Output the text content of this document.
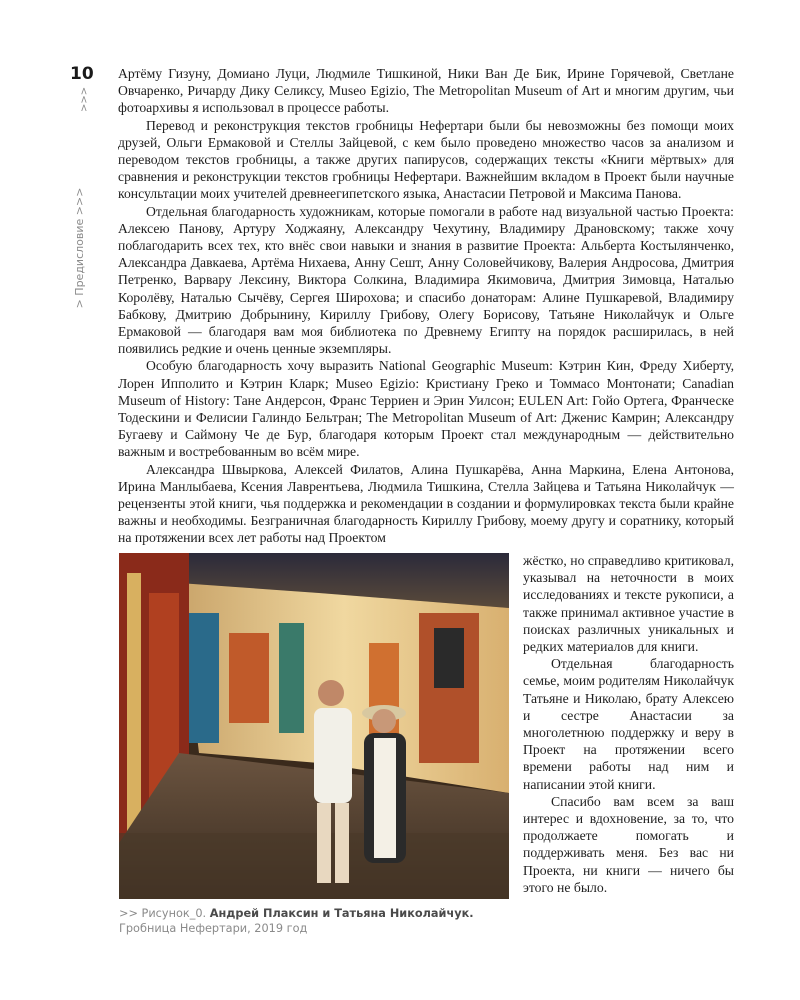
10
>>>
> Предисловие >>>

Артёму Гизуну, Домиано Луци, Людмиле Тишкиной, Ники Ван Де Бик, Ирине Горячевой, Светлане Овчаренко, Ричарду Дику Селиксу, Museo Egizio, The Metropolitan Museum of Art и многим другим, чьи фотоархивы я использовал в процессе работы.

Перевод и реконструкция текстов гробницы Нефертари были бы невозможны без помощи моих друзей, Ольги Ермаковой и Стеллы Зайцевой, с кем было проведено множество часов за анализом и переводом текстов гробницы, а также других папирусов, содержащих тексты «Книги мёртвых» для сравнения и реконструкции текстов гробницы Нефертари. Важнейшим вкладом в Проект были научные консультации моих учителей древнеегипетского языка, Анастасии Петровой и Максима Панова.

Отдельная благодарность художникам, которые помогали в работе над визуальной частью Проекта: Алексею Панову, Артуру Ходжаяну, Александру Чехутину, Владимиру Драновскому; также хочу поблагодарить всех тех, кто внёс свои навыки и знания в развитие Проекта: Альберта Костылянченко, Александра Давкаева, Артёма Нихаева, Анну Сешт, Анну Соловейчикову, Валерия Андросова, Дмитрия Петренко, Варвару Лексину, Виктора Солкина, Владимира Якимовича, Дмитрия Зимовца, Наталью Королёву, Наталью Сычёву, Сергея Широхова; и спасибо донаторам: Алине Пушкаревой, Владимиру Бабкову, Дмитрию Добрынину, Кириллу Грибову, Олегу Борисову, Татьяне Николайчук и Ольге Ермаковой — благодаря вам моя библиотека по Древнему Египту на порядок расширилась, в ней появились редкие и очень ценные экземпляры.

Особую благодарность хочу выразить National Geographic Museum: Кэтрин Кин, Фреду Хиберту, Лорен Ипполито и Кэтрин Кларк; Museo Egizio: Кристиану Греко и Томмасо Монтонати; Canadian Museum of History: Тане Андерсон, Франс Терриен и Эрин Уилсон; EULEN Art: Гойо Ортега, Франческе Тодескини и Фелисии Галиндо Бельтран; The Metropolitan Museum of Art: Дженис Камрин; Александру Бугаеву и Саймону Че де Бур, благодаря которым Проект стал международным — действительно важным и востребованным во всём мире.

Александра Швыркова, Алексей Филатов, Алина Пушкарёва, Анна Маркина, Елена Антонова, Ирина Манлыбаева, Ксения Лаврентьева, Людмила Тишкина, Стелла Зайцева и Татьяна Николайчук — рецензенты этой книги, чья поддержка и рекомендации в создании и формулировках текста были крайне важны и необходимы. Безграничная благодарность Кириллу Грибову, моему другу и соратнику, который на протяжении всех лет работы над Проектом

жёстко, но справедливо критиковал, указывал на неточности в моих исследованиях и тексте рукописи, а также принимал активное участие в поисках различных уникальных и редких материалов для книги.

Отдельная благодарность семье, моим родителям Николайчук Татьяне и Николаю, брату Алексею и сестре Анастасии за многолетнюю поддержку и веру в Проект на протяжении всего времени работы над ним и написании этой книги.

Спасибо вам всем за ваш интерес и вдохновение, за то, что продолжаете помогать и поддерживать меня. Без вас ни Проекта, ни книги — ничего бы этого не было.

>> Рисунок_0. Андрей Плаксин и Татьяна Николайчук.
Гробница Нефертари, 2019 год
